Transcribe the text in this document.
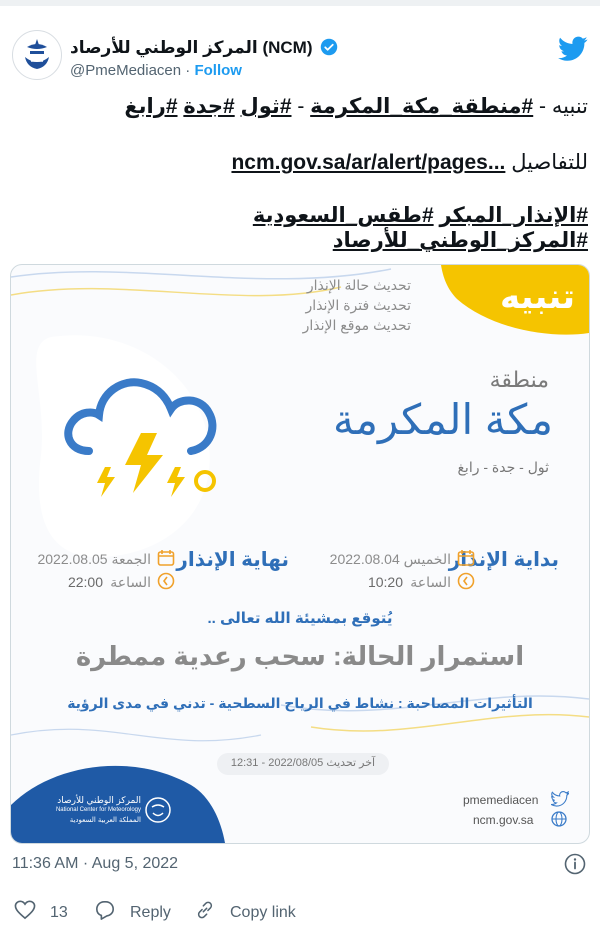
المركز الوطني للأرصاد (NCM)
@PmeMediacen · Follow
تنبيه - #منطقة_مكة_المكرمة - #ثول #جدة #رابغ
للتفاصيل ncm.gov.sa/ar/alert/pages...
#الإنذار_المبكر #طقس_السعودية
#المركز_الوطني_للأرصاد
تنبيه
تحديث حالة الإنذار
تحديث فترة الإنذار
تحديث موقع الإنذار
منطقة
مكة المكرمة
ثول - جدة - رابغ
بداية الإنذار
الخميس 2022.08.04
الساعة
10:20
نهاية الإنذار
الجمعة 2022.08.05
الساعة
22:00
يُتوقع بمشيئة الله تعالى ..
استمرار الحالة: سحب رعدية ممطرة
التأثيرات المصاحبة : نشاط في الرياح السطحية - تدني في مدى الرؤية
آخر تحديث 2022/08/05 - 12:31
المركز الوطني للأرصاد
National Center for Meteorology
المملكة العربية السعودية
pmemediacen
ncm.gov.sa
11:36 AM · Aug 5, 2022
13	Reply	Copy link
